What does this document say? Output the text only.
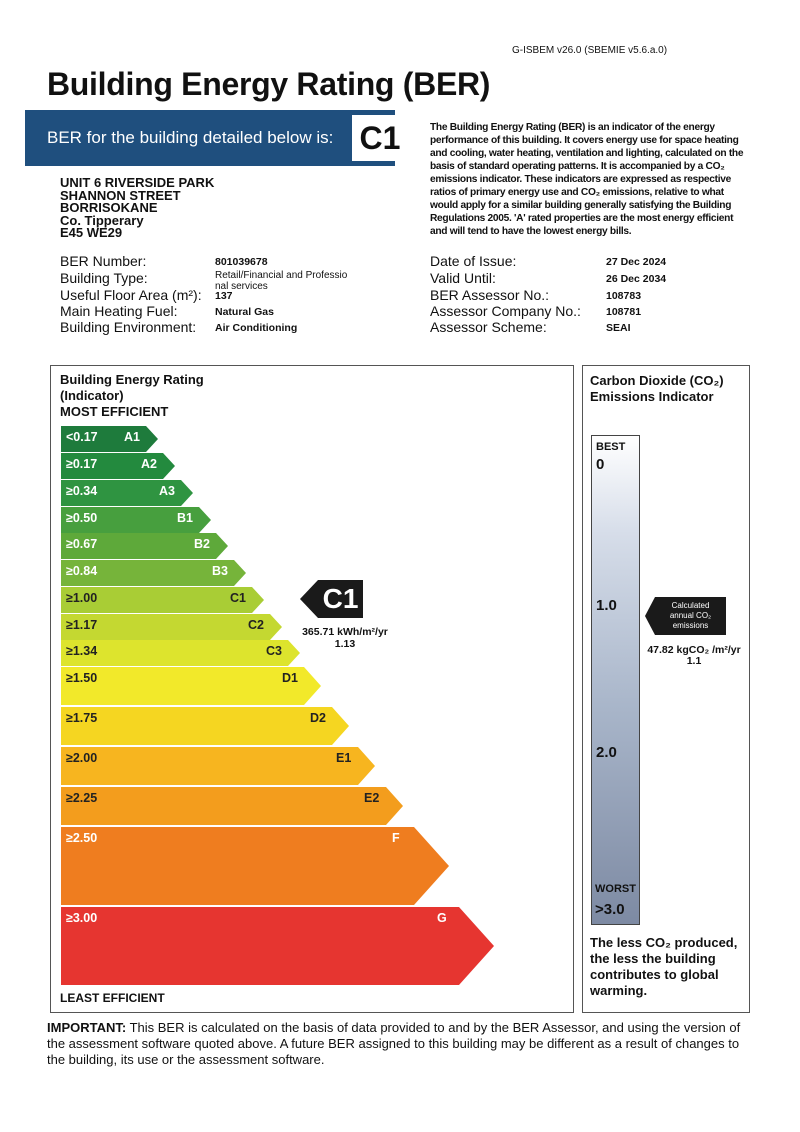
G-ISBEM v26.0 (SBEMIE v5.6.a.0)
Building Energy Rating (BER)
BER for the building detailed below is: C1	The Building Energy Rating (BER) is an indicator of the energy performance of this building. It covers energy use for space heating and cooling, water heating, ventilation and lighting, calculated on the basis of standard operating patterns. It is accompanied by a CO₂ emissions indicator. These indicators are expressed as respective ratios of primary energy use and CO₂ emissions, relative to what would apply for a similar building generally satisfying the Building Regulations 2005. 'A' rated properties are the most energy efficient and will tend to have the lowest energy bills.
UNIT 6 RIVERSIDE PARK
SHANNON STREET
BORRISOKANE
Co. Tipperary
E45 WE29
BER Number:	801039678
Building Type:	Retail/Financial and Professio nal services
Useful Floor Area (m²): 137
Main Heating Fuel:	Natural Gas
Building Environment: Air Conditioning
Date of Issue:	27 Dec 2024
Valid Until:	26 Dec 2034
BER Assessor No.:	108783
Assessor Company No.: 108781
Assessor Scheme:	SEAI
Building Energy Rating
(Indicator)
MOST EFFICIENT
<0.17 A1
≥0.17	A2
≥0.34	A3
≥0.50	B1
≥0.67	B2
≥0.84	B3
≥1.00	C1
≥1.17	C2
≥1.34	C3
≥1.50	D1
≥1.75	D2
≥2.00	E1
≥2.25	E2
≥2.50	F
≥3.00	G
C1
365.71 kWh/m²/yr
1.13
LEAST EFFICIENT
Carbon Dioxide (CO₂)
Emissions Indicator
BEST
0
1.0
2.0
WORST
>3.0
Calculated
annual CO₂
emissions
47.82 kgCO₂ /m²/yr
1.1
The less CO₂ produced, the less the building contributes to global warming.
IMPORTANT: This BER is calculated on the basis of data provided to and by the BER Assessor, and using the version of the assessment software quoted above. A future BER assigned to this building may be different as a result of changes to the building, its use or the assessment software.
